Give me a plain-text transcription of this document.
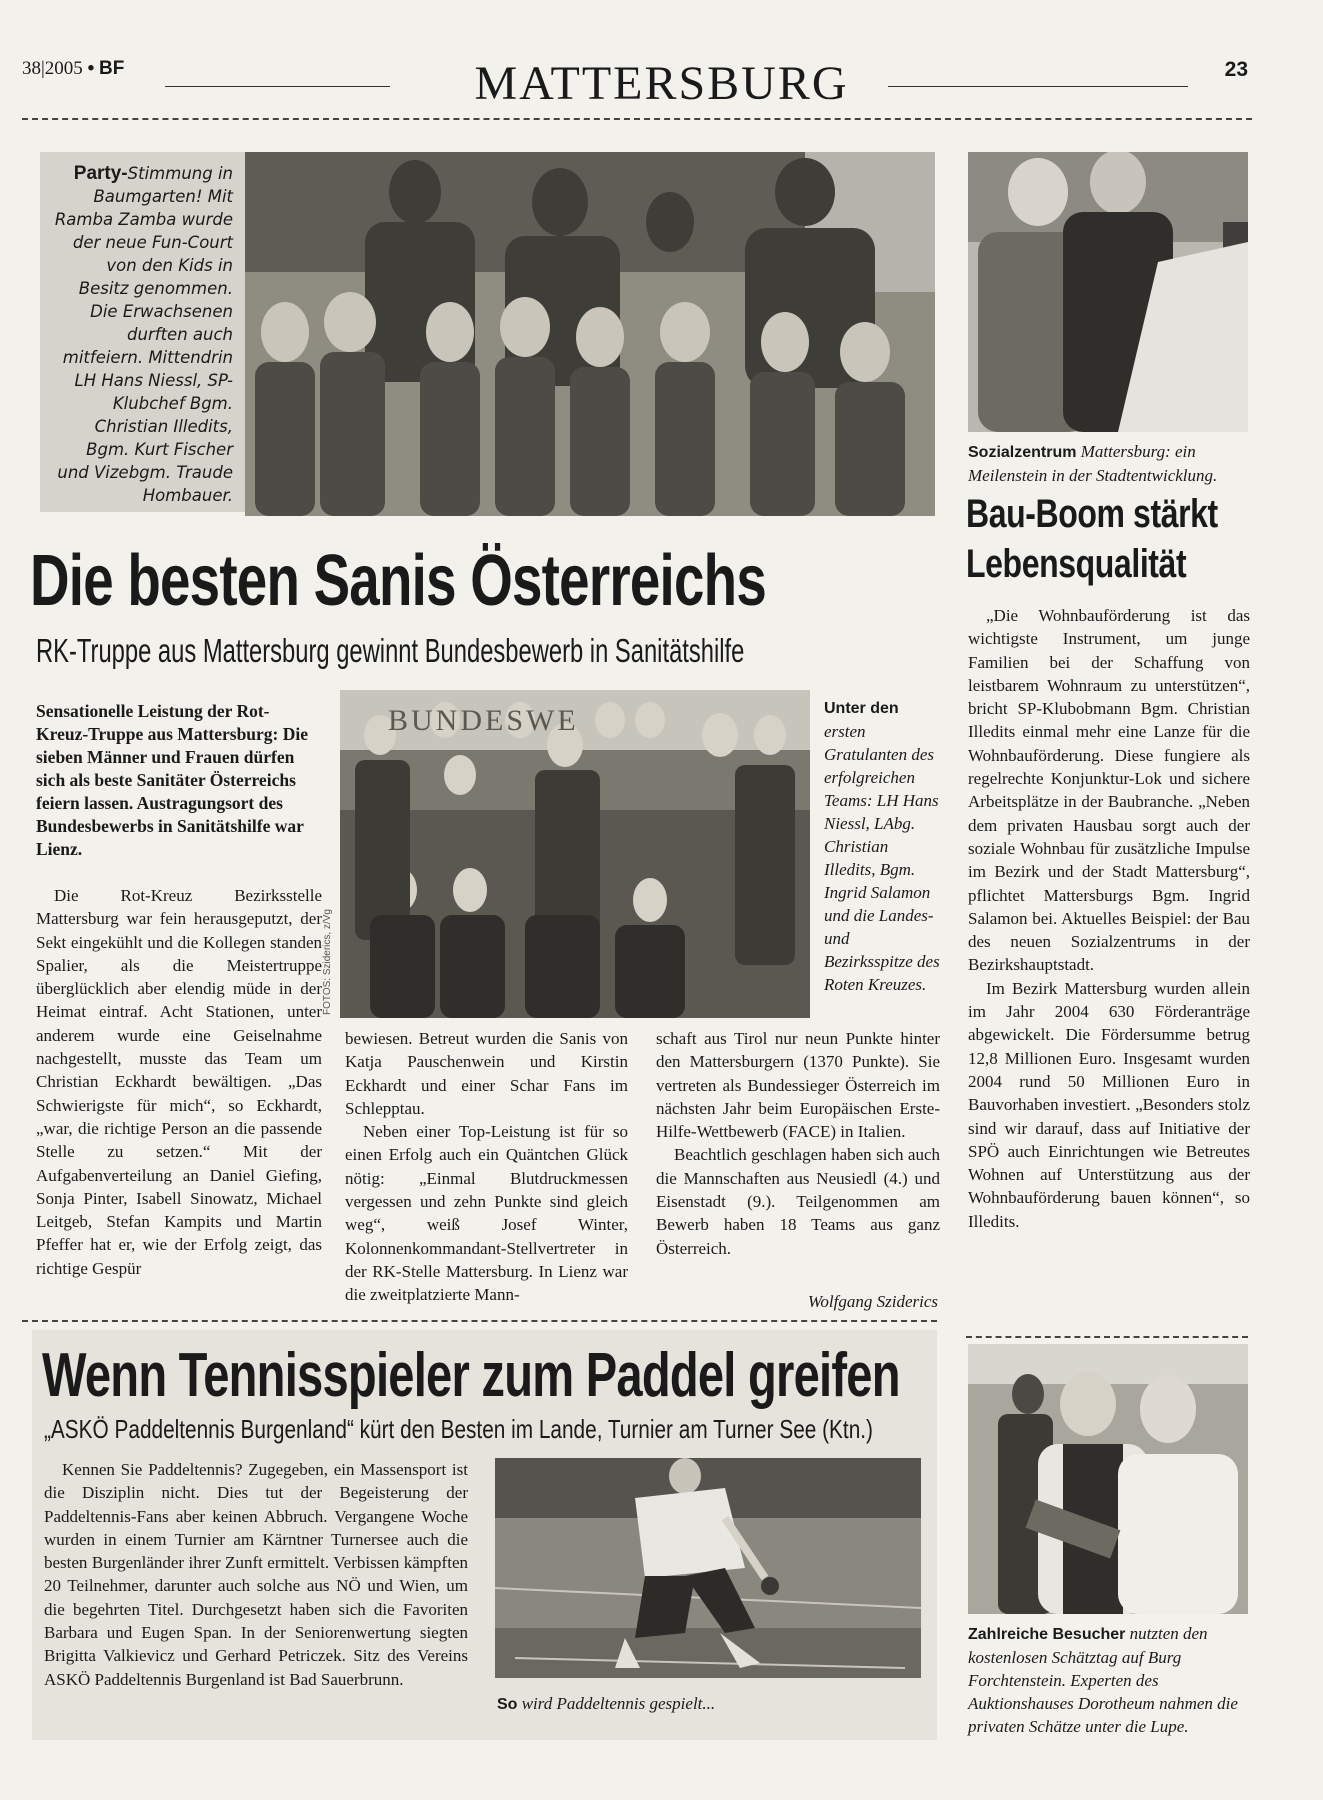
38|2005 • BF	MATTERSBURG	23
Party-Stimmung in Baumgarten! Mit Ramba Zamba wurde der neue Fun-Court von den Kids in Besitz genommen. Die Erwachsenen durften auch mitfeiern. Mittendrin LH Hans Niessl, SP-Klubchef Bgm. Christian Illedits, Bgm. Kurt Fischer und Vizebgm. Traude Hombauer.
Sozialzentrum Mattersburg: ein Meilenstein in der Stadtentwicklung.
Bau-Boom stärkt
Lebensqualität

„Die Wohnbauförderung ist das wichtigste Instrument, um junge Familien bei der Schaffung von leistbarem Wohnraum zu unterstützen“, bricht SP-Klubobmann Bgm. Christian Illedits einmal mehr eine Lanze für die Wohnbauförderung. Diese fungiere als regelrechte Konjunktur-Lok und sichere Arbeitsplätze in der Baubranche. „Neben dem privaten Hausbau sorgt auch der soziale Wohnbau für zusätzliche Impulse im Bezirk und der Stadt Mattersburg“, pflichtet Mattersburgs Bgm. Ingrid Salamon bei. Aktuelles Beispiel: der Bau des neuen Sozialzentrums in der Bezirkshauptstadt.

Im Bezirk Mattersburg wurden allein im Jahr 2004 630 Förderanträge abgewickelt. Die Fördersumme betrug 12,8 Millionen Euro. Insgesamt wurden 2004 rund 50 Millionen Euro in Bauvorhaben investiert. „Besonders stolz sind wir darauf, dass auf Initiative der SPÖ auch Einrichtungen wie Betreutes Wohnen auf Unterstützung aus der Wohnbauförderung bauen können“, so Illedits.

Die besten Sanis Österreichs
RK-Truppe aus Mattersburg gewinnt Bundesbewerb in Sanitätshilfe
Sensationelle Leistung der Rot-Kreuz-Truppe aus Mattersburg: Die sieben Männer und Frauen dürfen sich als beste Sanitäter Österreichs feiern lassen. Austragungsort des Bundesbewerbs in Sanitätshilfe war Lienz.
BUNDESWE
FOTOS: Sziderics, z/Vg
Unter den ersten Gratulanten des erfolgreichen Teams: LH Hans Niessl, LAbg. Christian Illedits, Bgm. Ingrid Salamon und die Landes- und Bezirksspitze des Roten Kreuzes.

Die Rot-Kreuz Bezirksstelle Mattersburg war fein herausgeputzt, der Sekt eingekühlt und die Kollegen standen Spalier, als die Meistertruppe überglücklich aber elendig müde in der Heimat eintraf. Acht Stationen, unter anderem wurde eine Geiselnahme nachgestellt, musste das Team um Christian Eckhardt bewältigen. „Das Schwierigste für mich“, so Eckhardt, „war, die richtige Person an die passende Stelle zu setzen.“ Mit der Aufgabenverteilung an Daniel Giefing, Sonja Pinter, Isabell Sinowatz, Michael Leitgeb, Stefan Kampits und Martin Pfeffer hat er, wie der Erfolg zeigt, das richtige Gespür

bewiesen. Betreut wurden die Sanis von Katja Pauschenwein und Kirstin Eckhardt und einer Schar Fans im Schlepptau.

Neben einer Top-Leistung ist für so einen Erfolg auch ein Quäntchen Glück nötig: „Einmal Blutdruckmessen vergessen und zehn Punkte sind gleich weg“, weiß Josef Winter, Kolonnenkommandant-Stellvertreter in der RK-Stelle Mattersburg. In Lienz war die zweitplatzierte Mann-

schaft aus Tirol nur neun Punkte hinter den Mattersburgern (1370 Punkte). Sie vertreten als Bundessieger Österreich im nächsten Jahr beim Europäischen Erste-Hilfe-Wettbewerb (FACE) in Italien.

Beachtlich geschlagen haben sich auch die Mannschaften aus Neusiedl (4.) und Eisenstadt (9.). Teilgenommen am Bewerb haben 18 Teams aus ganz Österreich.

Wolfgang Sziderics
Wenn Tennisspieler zum Paddel greifen
„ASKÖ Paddeltennis Burgenland“ kürt den Besten im Lande, Turnier am Turner See (Ktn.)

Kennen Sie Paddeltennis? Zugegeben, ein Massensport ist die Disziplin nicht. Dies tut der Begeisterung der Paddeltennis-Fans aber keinen Abbruch. Vergangene Woche wurden in einem Turnier am Kärntner Turnersee auch die besten Burgenländer ihrer Zunft ermittelt. Verbissen kämpften 20 Teilnehmer, darunter auch solche aus NÖ und Wien, um die begehrten Titel. Durchgesetzt haben sich die Favoriten Barbara und Eugen Span. In der Seniorenwertung siegten Brigitta Valkievicz und Gerhard Petriczek. Sitz des Vereins ASKÖ Paddeltennis Burgenland ist Bad Sauerbrunn.

So wird Paddeltennis gespielt...
Zahlreiche Besucher nutzten den kostenlosen Schätztag auf Burg Forchtenstein. Experten des Auktionshauses Dorotheum nahmen die privaten Schätze unter die Lupe.
